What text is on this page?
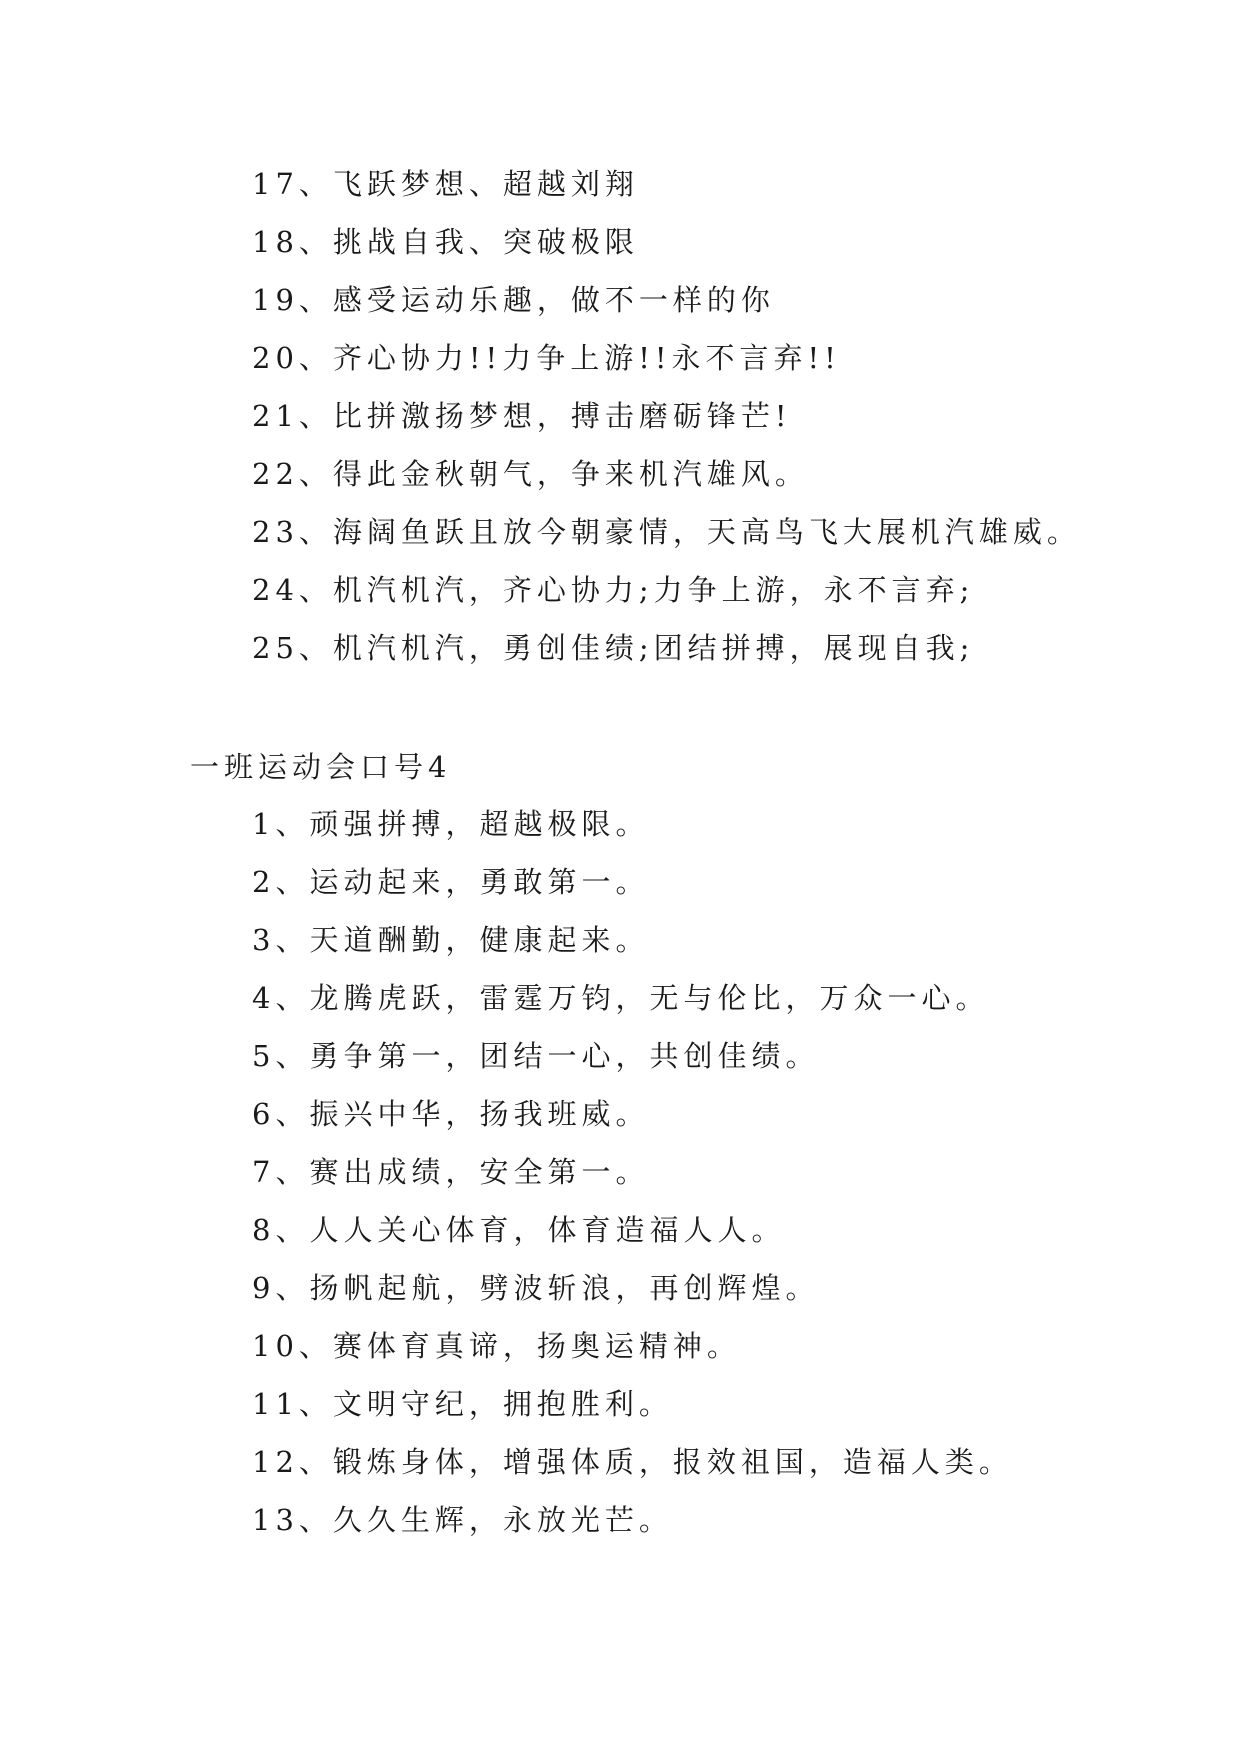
17、飞跃梦想、超越刘翔
18、挑战自我、突破极限
19、感受运动乐趣，做不一样的你
20、齐心协力!!力争上游!!永不言弃!!
21、比拼激扬梦想，搏击磨砺锋芒!
22、得此金秋朝气，争来机汽雄风。
23、海阔鱼跃且放今朝豪情，天高鸟飞大展机汽雄威。
24、机汽机汽，齐心协力;力争上游，永不言弃;
25、机汽机汽，勇创佳绩;团结拼搏，展现自我;
一班运动会口号4
1、顽强拼搏，超越极限。
2、运动起来，勇敢第一。
3、天道酬勤，健康起来。
4、龙腾虎跃，雷霆万钧，无与伦比，万众一心。
5、勇争第一，团结一心，共创佳绩。
6、振兴中华，扬我班威。
7、赛出成绩，安全第一。
8、人人关心体育，体育造福人人。
9、扬帆起航，劈波斩浪，再创辉煌。
10、赛体育真谛，扬奥运精神。
11、文明守纪，拥抱胜利。
12、锻炼身体，增强体质，报效祖国，造福人类。
13、久久生辉，永放光芒。
